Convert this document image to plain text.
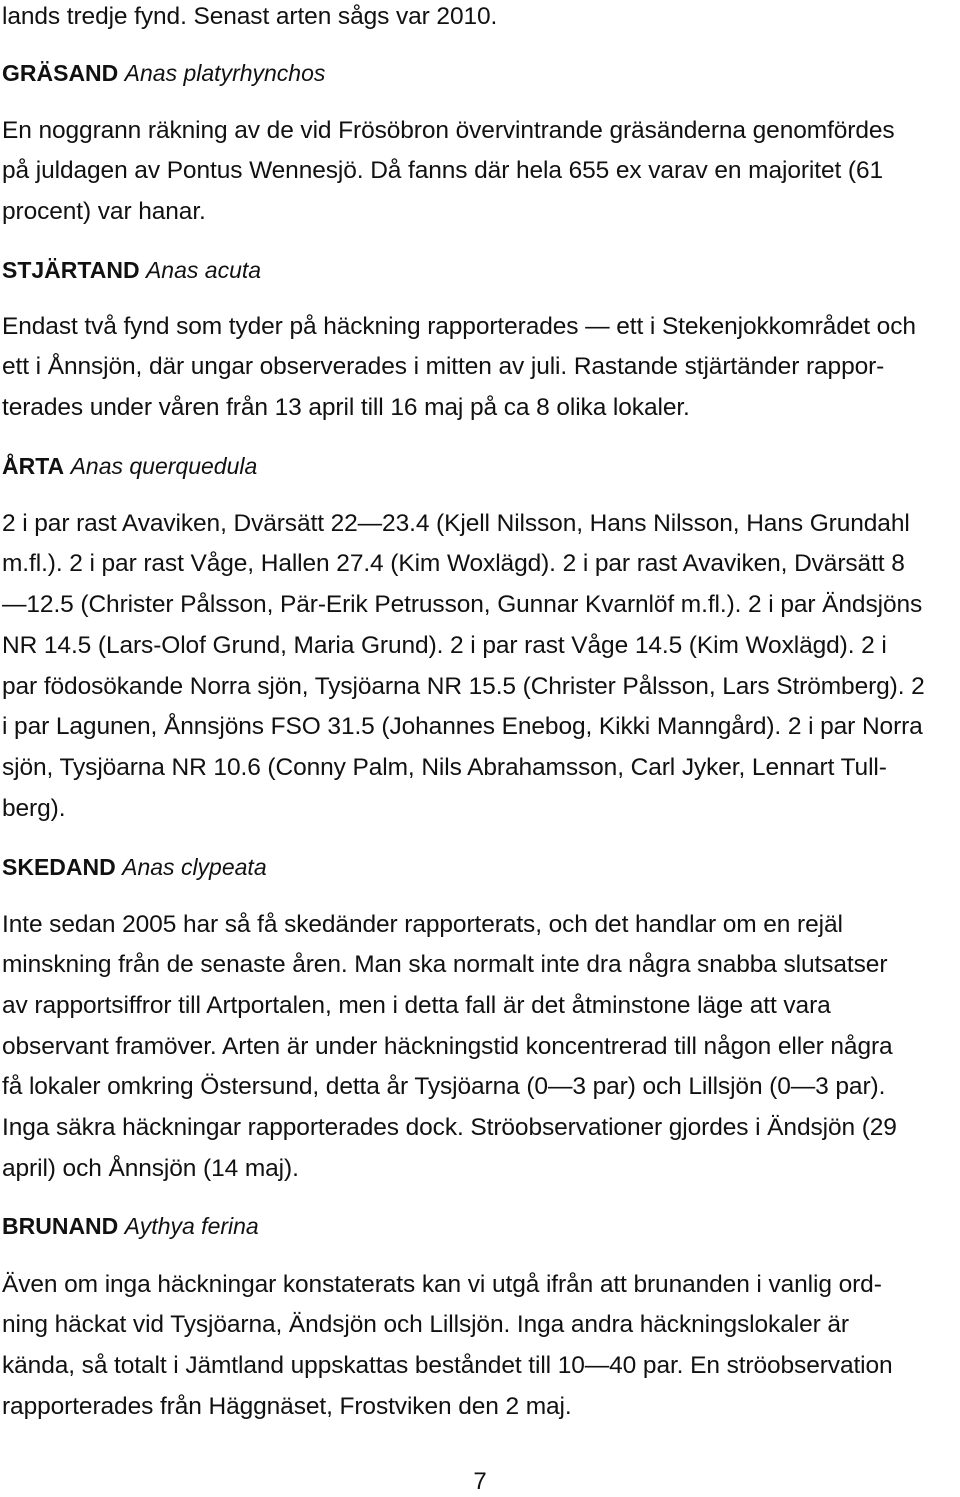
lands tredje fynd. Senast arten sågs var 2010.
GRÄSAND Anas platyrhynchos
En noggrann räkning av de vid Frösöbron övervintrande gräsänderna genomfördes
på juldagen av Pontus Wennesjö. Då fanns där hela 655 ex varav en majoritet (61
procent) var hanar.
STJÄRTAND Anas acuta
Endast två fynd som tyder på häckning rapporterades — ett i Stekenjokkområdet och
ett i Ånnsjön, där ungar observerades i mitten av juli. Rastande stjärtänder rappor-
terades under våren från 13 april till 16 maj på ca 8 olika lokaler.
ÅRTA Anas querquedula
2 i par rast Avaviken, Dvärsätt 22—23.4 (Kjell Nilsson, Hans Nilsson, Hans Grundahl
m.fl.). 2 i par rast Våge, Hallen 27.4 (Kim Woxlägd). 2 i par rast Avaviken, Dvärsätt 8
—12.5 (Christer Pålsson, Pär-Erik Petrusson, Gunnar Kvarnlöf m.fl.). 2 i par Ändsjöns
NR 14.5 (Lars-Olof Grund, Maria Grund). 2 i par rast Våge 14.5 (Kim Woxlägd). 2 i
par födosökande Norra sjön, Tysjöarna NR 15.5 (Christer Pålsson, Lars Strömberg). 2
i par Lagunen, Ånnsjöns FSO 31.5 (Johannes Enebog, Kikki Manngård). 2 i par Norra
sjön, Tysjöarna NR 10.6 (Conny Palm, Nils Abrahamsson, Carl Jyker, Lennart Tull-
berg).
SKEDAND Anas clypeata
Inte sedan 2005 har så få skedänder rapporterats, och det handlar om en rejäl
minskning från de senaste åren. Man ska normalt inte dra några snabba slutsatser
av rapportsiffror till Artportalen, men i detta fall är det åtminstone läge att vara
observant framöver. Arten är under häckningstid koncentrerad till någon eller några
få lokaler omkring Östersund, detta år Tysjöarna (0—3 par) och Lillsjön (0—3 par).
Inga säkra häckningar rapporterades dock. Ströobservationer gjordes i Ändsjön (29
april) och Ånnsjön (14 maj).
BRUNAND Aythya ferina
Även om inga häckningar konstaterats kan vi utgå ifrån att brunanden i vanlig ord-
ning häckat vid Tysjöarna, Ändsjön och Lillsjön. Inga andra häckningslokaler är
kända, så totalt i Jämtland uppskattas beståndet till 10—40 par. En ströobservation
rapporterades från Häggnäset, Frostviken den 2 maj.
7
